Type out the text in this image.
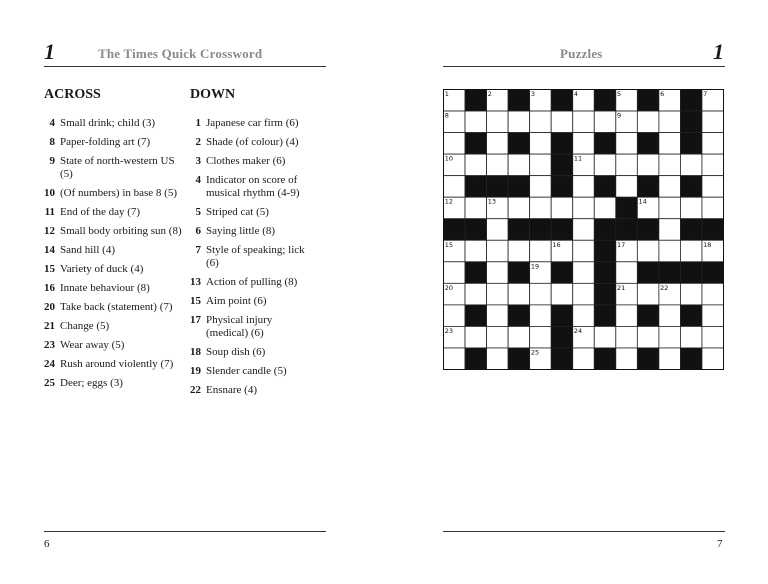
1	The Times Quick Crossword
ACROSS	DOWN
4 Small drink; child (3)
8 Paper-folding art (7)
9 State of north-western US (5)
10 (Of numbers) in base 8 (5)
11 End of the day (7)
12 Small body orbiting sun (8)
14 Sand hill (4)
15 Variety of duck (4)
16 Innate behaviour (8)
20 Take back (statement) (7)
21 Change (5)
23 Wear away (5)
24 Rush around violently (7)
25 Deer; eggs (3)
1 Japanese car firm (6)
2 Shade (of colour) (4)
3 Clothes maker (6)
4 Indicator on score of musical rhythm (4-9)
5 Striped cat (5)
6 Saying little (8)
7 Style of speaking; lick (6)
13 Action of pulling (8)
15 Aim point (6)
17 Physical injury (medical) (6)
18 Soup dish (6)
19 Slender candle (5)
22 Ensnare (4)
6
Puzzles	1
1	2	3	4	5	6	7
8	9
10	11
12	13	14
15	16	17	18
19
20	21	22
23	24
25
7
